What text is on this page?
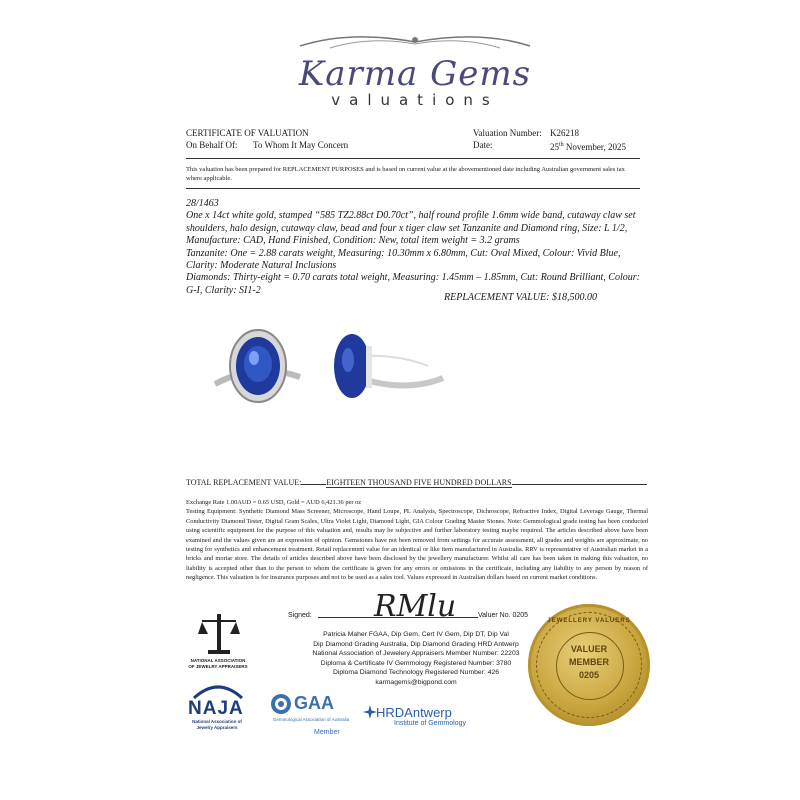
Karma Gems
valuations
CERTIFICATE OF VALUATION
On Behalf Of: To Whom It May Concern
Valuation Number: K26218
Date:	25th November, 2025
This valuation has been prepared for REPLACEMENT PURPOSES and is based on current value at the abovementioned date including Australian government sales tax where applicable.

28/1463

One x 14ct white gold, stamped “585 TZ2.88ct D0.70ct”, half round profile 1.6mm wide band, cutaway claw set shoulders, halo design, cutaway claw, bead and four x tiger claw set Tanzanite and Diamond ring, Size: L 1/2, Manufacture: CAD, Hand Finished, Condition: New, total item weight = 3.2 grams

Tanzanite: One = 2.88 carats weight, Measuring: 10.30mm x 6.80mm, Cut: Oval Mixed, Colour: Vivid Blue, Clarity: Moderate Natural Inclusions

Diamonds: Thirty-eight = 0.70 carats total weight, Measuring: 1.45mm – 1.85mm, Cut: Round Brilliant, Colour: G-I, Clarity: SI1-2

REPLACEMENT VALUE: $18,500.00
TOTAL REPLACEMENT VALUE:	EIGHTEEN THOUSAND FIVE HUNDRED DOLLARS

Exchange Rate 1.00AUD = 0.65 USD, Gold = AUD 6,421.36 per oz

Testing Equipment: Synthetic Diamond Mass Screener, Microscope, Hand Loupe, PL Analysis, Spectroscope, Dichroscope, Refractive Index, Digital Leverage Gauge, Thermal Conductivity Diamond Tester, Digital Gram Scales, Ultra Violet Light, Diamond Light, GIA Colour Grading Master Stones. Note: Gemmological grade testing has been conducted using scientific equipment for the purpose of this valuation and, results may be subjective and further laboratory testing maybe required. The articles described above have been examined and the values given are an expression of opinion. Gemstones have not been removed from settings for accurate assessment, all grades and weights are approximate, no testing for synthetics and enhancement treatment. Retail replacement value for an identical or like item manufactured in Australia. RRV is representative of Australian market in a bricks and mortar store. The details of articles described above have been disclosed by the jewellery manufacturer. Whilst all care has been taken in making this valuation, no liability is accepted other than to the person to whom the certificate is given for any errors or omissions in the certificate, including any liability to any person by reason of negligence. This valuation is for insurance purposes and not to be used as a sales tool. Values expressed in Australian dollars based on current market conditions.

Signed: RMlu	Valuer No. 0205
Patricia Maher FGAA, Dip Gem, Cert IV Gem, Dip DT, Dip Val
Dip Diamond Grading Australia, Dip Diamond Grading HRD Antwerp
National Association of Jewelery Appraisers Member Number: 22203
Diploma & Certificate IV Gemmology Registered Number: 3780
Diploma Diamond Technology Registered Number: 426
karmagems@bigpond.com
NATIONAL ASSOCIATION OF JEWELRY APPRAISERS
NAJA
National Association of Jewelry Appraisers
GAA
Gemmological Association of Australia
Member
HRDAntwerp
Institute of Gemmology
JEWELLERY VALUERS
VALUER
MEMBER
0205
